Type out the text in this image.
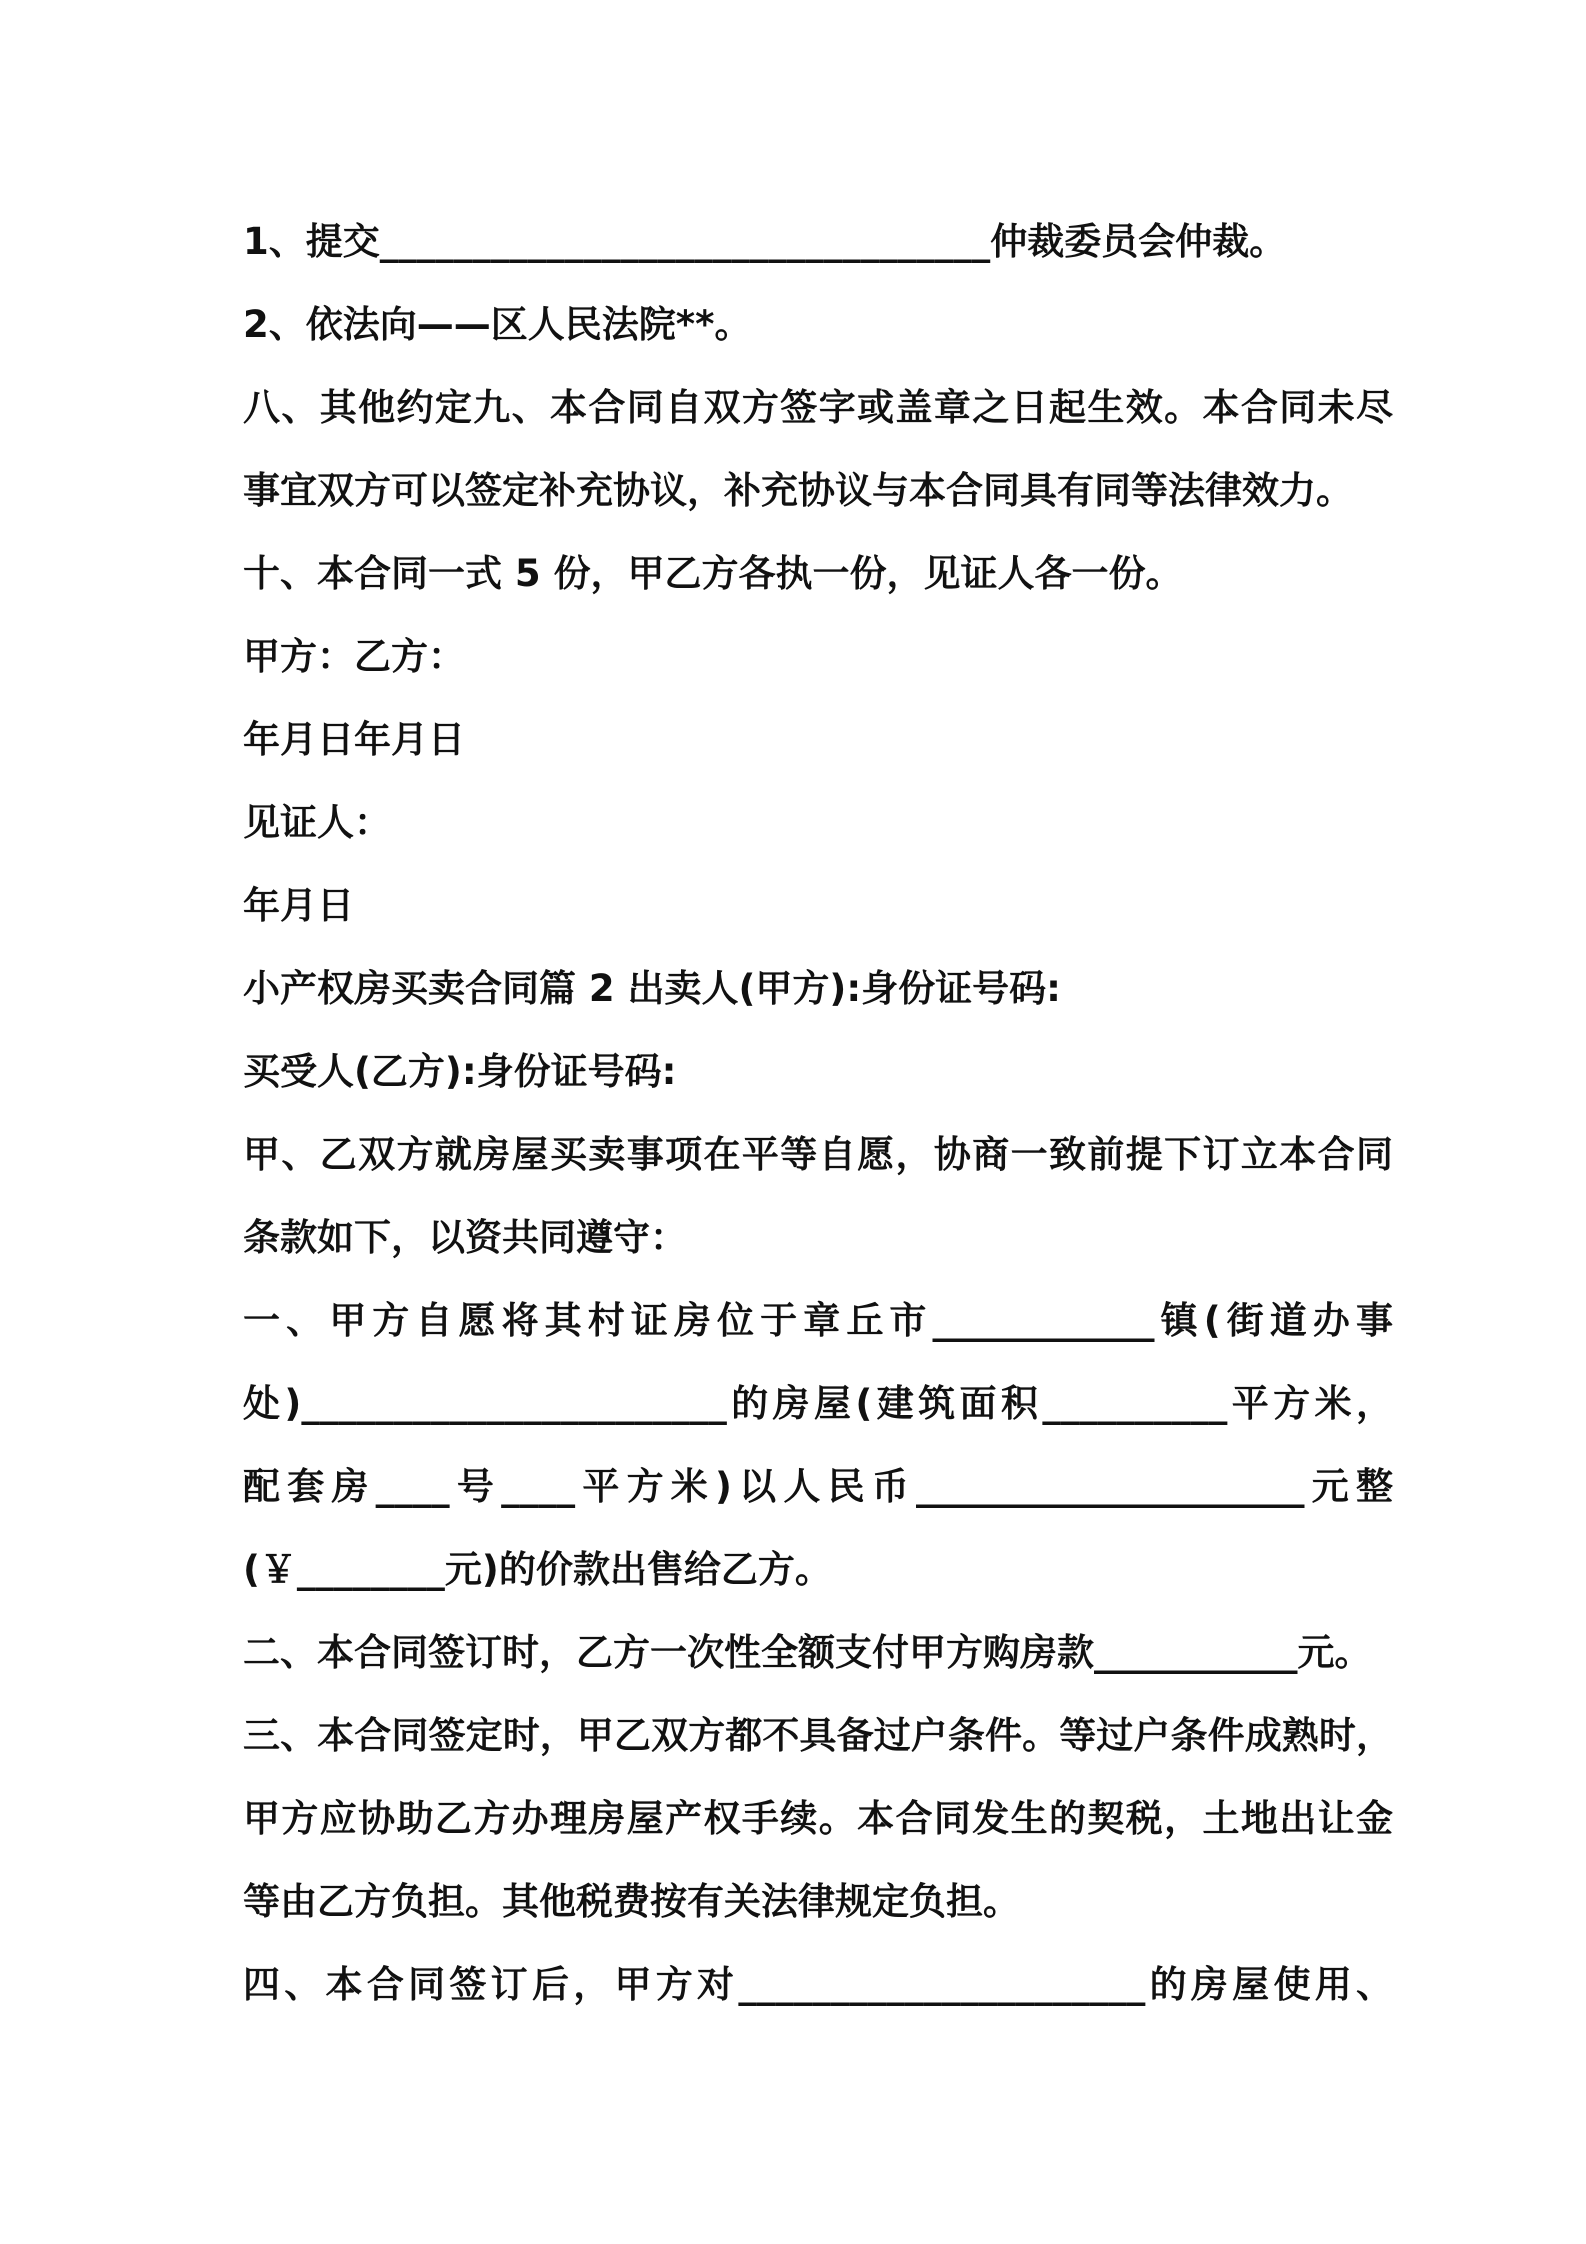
1、提交_________________________________仲裁委员会仲裁。

2、依法向——区人民法院**。

八、其他约定九、本合同自双方签字或盖章之日起生效。本合同未尽

事宜双方可以签定补充协议，补充协议与本合同具有同等法律效力。

十、本合同一式 5 份，甲乙方各执一份，见证人各一份。

甲方：乙方：

年月日年月日

见证人：

年月日

小产权房买卖合同篇 2 出卖人(甲方):身份证号码:

买受人(乙方):身份证号码:

甲、乙双方就房屋买卖事项在平等自愿，协商一致前提下订立本合同

条款如下，以资共同遵守：

一、甲方自愿将其村证房位于章丘市____________镇(街道办事

处)_______________________的房屋(建筑面积__________平方米，

配套房____号____平方米)以人民币_____________________元整

(￥________元)的价款出售给乙方。

二、本合同签订时，乙方一次性全额支付甲方购房款___________元。

三、本合同签定时，甲乙双方都不具备过户条件。等过户条件成熟时，

甲方应协助乙方办理房屋产权手续。本合同发生的契税，土地出让金

等由乙方负担。其他税费按有关法律规定负担。

四、本合同签订后，甲方对______________________的房屋使用、
